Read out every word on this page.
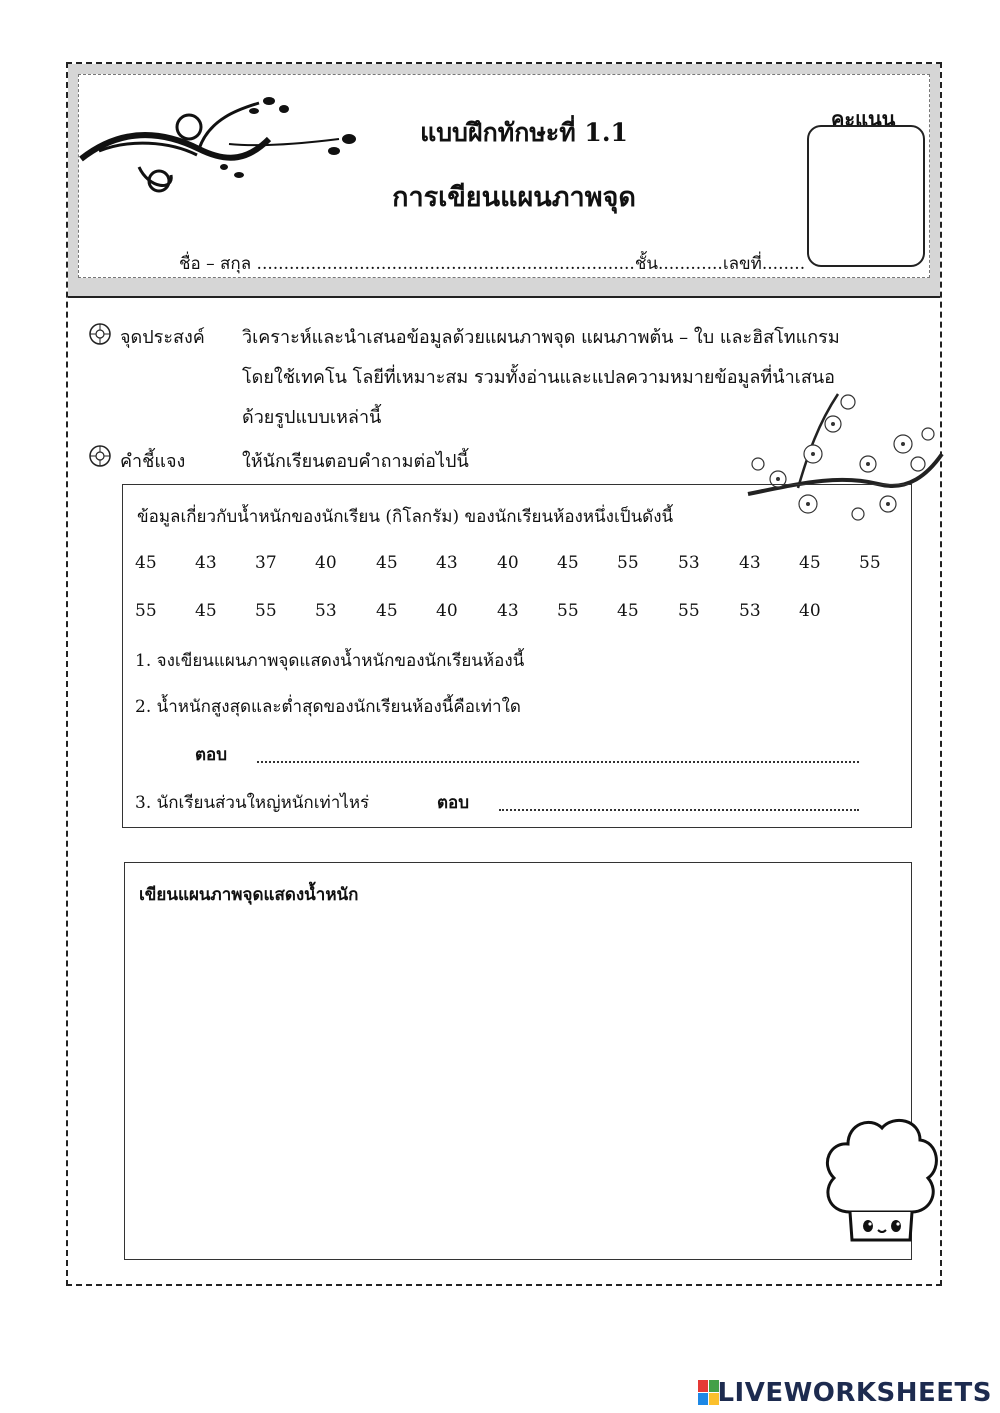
แบบฝึกทักษะที่ 1.1
การเขียนแผนภาพจุด
ชื่อ – สกุล ......................................................................ชั้น............เลขที่........
คะแนน
จุดประสงค์ วิเคราะห์และนำเสนอข้อมูลด้วยแผนภาพจุด แผนภาพต้น – ใบ และฮิสโทแกรม
โดยใช้เทคโน โลยีที่เหมาะสม รวมทั้งอ่านและแปลความหมายข้อมูลที่นำเสนอ
ด้วยรูปแบบเหล่านี้
คำชี้แจง	ให้นักเรียนตอบคำถามต่อไปนี้
ข้อมูลเกี่ยวกับน้ำหนักของนักเรียน (กิโลกรัม) ของนักเรียนห้องหนึ่งเป็นดังนี้
45 43 37 40 45 43 40 45 55 53 43 45 55
55 45 55 53 45 40 43 55 45 55 53 40
1. จงเขียนแผนภาพจุดแสดงน้ำหนักของนักเรียนห้องนี้
2. น้ำหนักสูงสุดและต่ำสุดของนักเรียนห้องนี้คือเท่าใด
ตอบ
3. นักเรียนส่วนใหญ่หนักเท่าไหร่	ตอบ
เขียนแผนภาพจุดแสดงน้ำหนัก
LIVEWORKSHEETS
